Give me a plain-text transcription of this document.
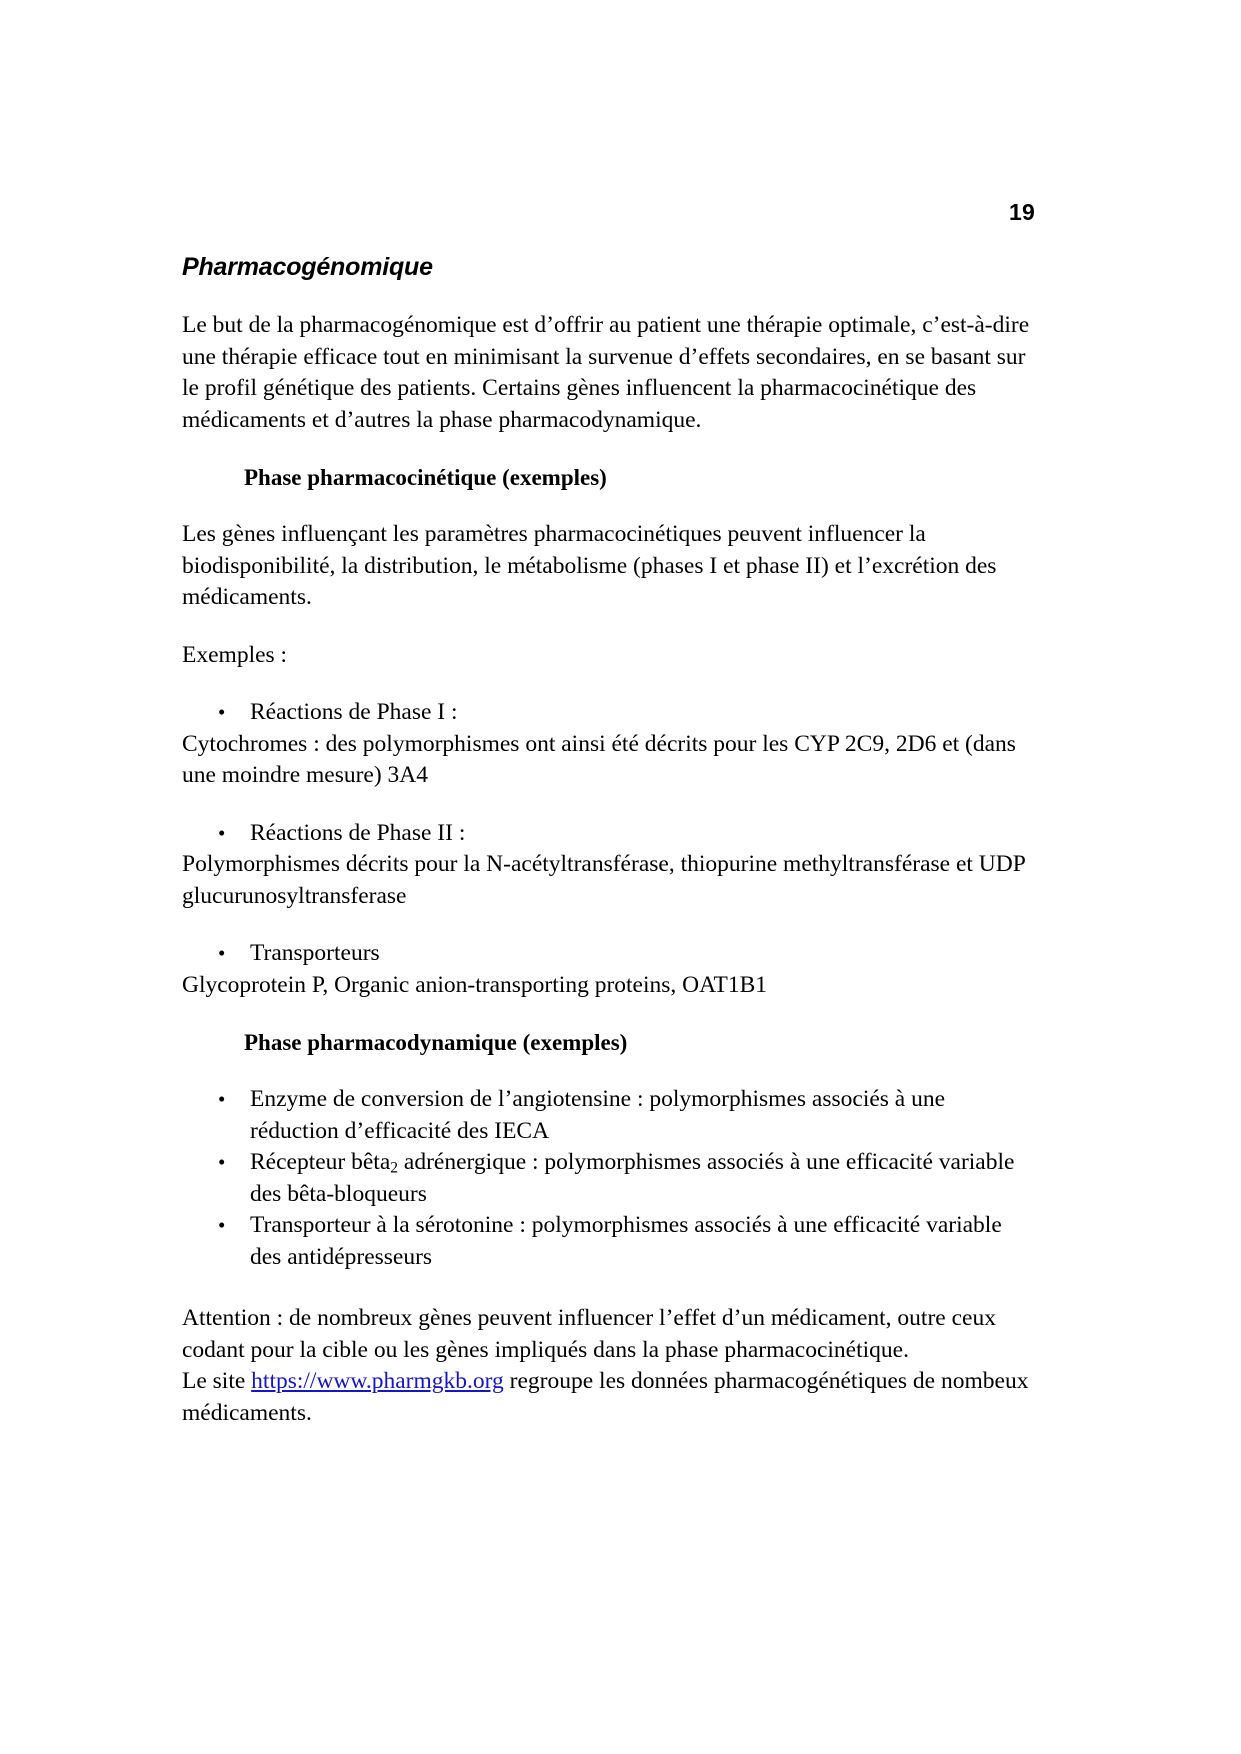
19
Pharmacogénomique

Le but de la pharmacogénomique est d’offrir au patient une thérapie optimale, c’est-à-dire une thérapie efficace tout en minimisant la survenue d’effets secondaires, en se basant sur le profil génétique des patients. Certains gènes influencent la pharmacocinétique des médicaments et d’autres la phase pharmacodynamique.

Phase pharmacocinétique (exemples)

Les gènes influençant les paramètres pharmacocinétiques peuvent influencer la biodisponibilité, la distribution, le métabolisme (phases I et phase II) et l’excrétion des médicaments.

Exemples :

• Réactions de Phase I :
Cytochromes : des polymorphismes ont ainsi été décrits pour les CYP 2C9, 2D6 et (dans une moindre mesure) 3A4
• Réactions de Phase II :
Polymorphismes décrits pour la N-acétyltransférase, thiopurine methyltransférase et UDP glucurunosyltransferase
• Transporteurs
Glycoprotein P, Organic anion-transporting proteins, OAT1B1
Phase pharmacodynamique (exemples)
• Enzyme de conversion de l’angiotensine : polymorphismes associés à une réduction d’efficacité des IECA
• Récepteur bêta$_2$ adrénergique : polymorphismes associés à une efficacité variable des bêta-bloqueurs
• Transporteur à la sérotonine : polymorphismes associés à une efficacité variable des antidépresseurs

Attention : de nombreux gènes peuvent influencer l’effet d’un médicament, outre ceux codant pour la cible ou les gènes impliqués dans la phase pharmacocinétique.
Le site https://www.pharmgkb.org regroupe les données pharmacogénétiques de nombeux médicaments.
